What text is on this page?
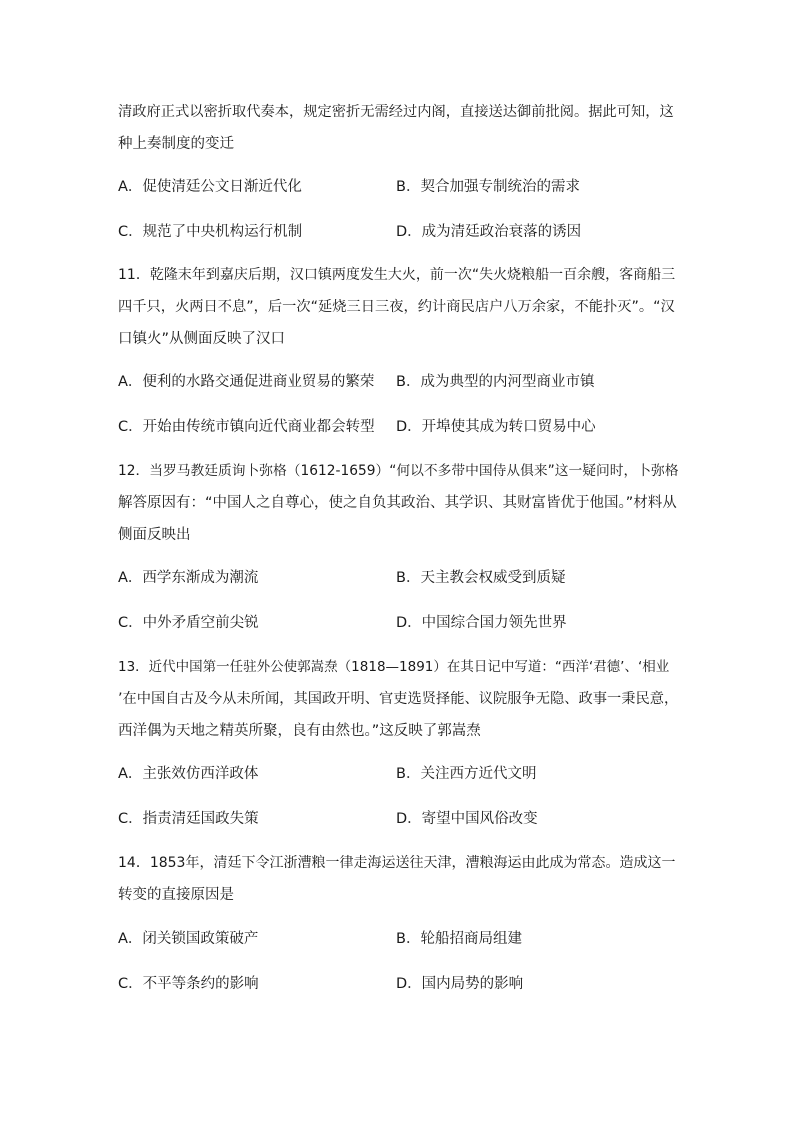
清政府正式以密折取代奏本，规定密折无需经过内阁，直接送达御前批阅。据此可知，这
种上奏制度的变迁
A．促使清廷公文日渐近代化	B．契合加强专制统治的需求
C．规范了中央机构运行机制	D．成为清廷政治衰落的诱因
11．乾隆末年到嘉庆后期，汉口镇两度发生大火，前一次“失火烧粮船一百余艘，客商船三
四千只，火两日不息”，后一次“延烧三日三夜，约计商民店户八万余家，不能扑灭”。“汉
口镇火”从侧面反映了汉口
A．便利的水路交通促进商业贸易的繁荣 B．成为典型的内河型商业市镇
C．开始由传统市镇向近代商业都会转型 D．开埠使其成为转口贸易中心
12．当罗马教廷质询卜弥格（1612-1659）“何以不多带中国侍从俱来”这一疑问时，卜弥格
解答原因有：“中国人之自尊心，使之自负其政治、其学识、其财富皆优于他国。”材料从
侧面反映出
A．西学东渐成为潮流	B．天主教会权威受到质疑
C．中外矛盾空前尖锐	D．中国综合国力领先世界
13．近代中国第一任驻外公使郭嵩焘（1818—1891）在其日记中写道：“西洋‘君德’、‘相业
’在中国自古及今从未所闻，其国政开明、官吏选贤择能、议院服争无隐、政事一秉民意，
西洋偶为天地之精英所聚，良有由然也。”这反映了郭嵩焘
A．主张效仿西洋政体	B．关注西方近代文明
C．指责清廷国政失策	D．寄望中国风俗改变
14．1853年，清廷下令江浙漕粮一律走海运送往天津，漕粮海运由此成为常态。造成这一
转变的直接原因是
A．闭关锁国政策破产	B．轮船招商局组建
C．不平等条约的影响	D．国内局势的影响
